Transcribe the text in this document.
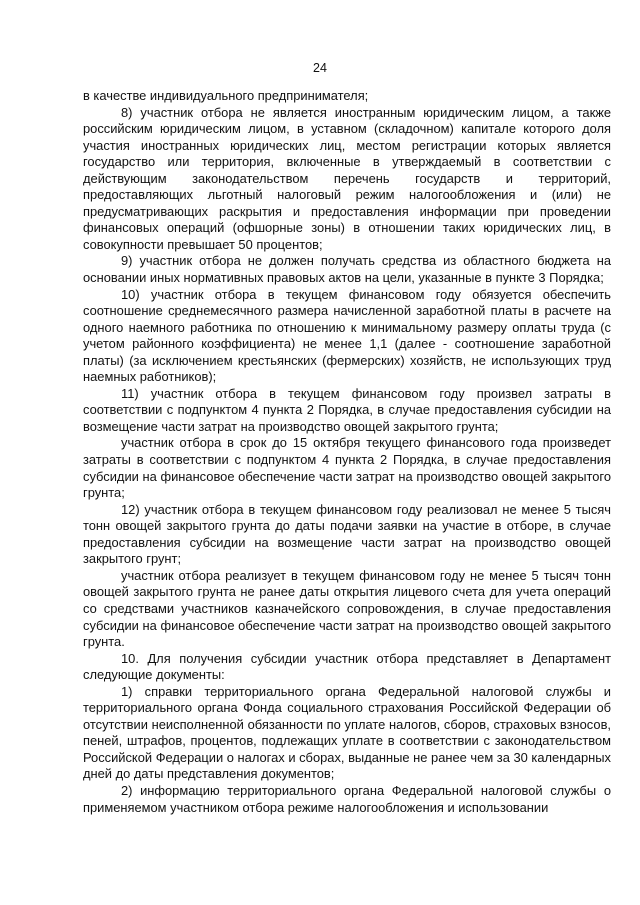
24

в качестве индивидуального предпринимателя;

8) участник отбора не является иностранным юридическим лицом, а также российским юридическим лицом, в уставном (складочном) капитале которого доля участия иностранных юридических лиц, местом регистрации которых является государство или территория, включенные в утверждаемый в соответствии с действующим законодательством перечень государств и территорий, предоставляющих льготный налоговый режим налогообложения и (или) не предусматривающих раскрытия и предоставления информации при проведении финансовых операций (офшорные зоны) в отношении таких юридических лиц, в совокупности превышает 50 процентов;

9) участник отбора не должен получать средства из областного бюджета на основании иных нормативных правовых актов на цели, указанные в пункте 3 Порядка;

10) участник отбора в текущем финансовом году обязуется обеспечить соотношение среднемесячного размера начисленной заработной платы в расчете на одного наемного работника по отношению к минимальному размеру оплаты труда (с учетом районного коэффициента) не менее 1,1 (далее - соотношение заработной платы) (за исключением крестьянских (фермерских) хозяйств, не использующих труд наемных работников);

11) участник отбора в текущем финансовом году произвел затраты в соответствии с подпунктом 4 пункта 2 Порядка, в случае предоставления субсидии на возмещение части затрат на производство овощей закрытого грунта;

участник отбора в срок до 15 октября текущего финансового года произведет затраты в соответствии с подпунктом 4 пункта 2 Порядка, в случае предоставления субсидии на финансовое обеспечение части затрат на производство овощей закрытого грунта;

12) участник отбора в текущем финансовом году реализовал не менее 5 тысяч тонн овощей закрытого грунта до даты подачи заявки на участие в отборе, в случае предоставления субсидии на возмещение части затрат на производство овощей закрытого грунт;

участник отбора реализует в текущем финансовом году не менее 5 тысяч тонн овощей закрытого грунта не ранее даты открытия лицевого счета для учета операций со средствами участников казначейского сопровождения, в случае предоставления субсидии на финансовое обеспечение части затрат на производство овощей закрытого грунта.

10. Для получения субсидии участник отбора представляет в Департамент следующие документы:

1) справки территориального органа Федеральной налоговой службы и территориального органа Фонда социального страхования Российской Федерации об отсутствии неисполненной обязанности по уплате налогов, сборов, страховых взносов, пеней, штрафов, процентов, подлежащих уплате в соответствии с законодательством Российской Федерации о налогах и сборах, выданные не ранее чем за 30 календарных дней до даты представления документов;

2) информацию территориального органа Федеральной налоговой службы о применяемом участником отбора режиме налогообложения и использовании
